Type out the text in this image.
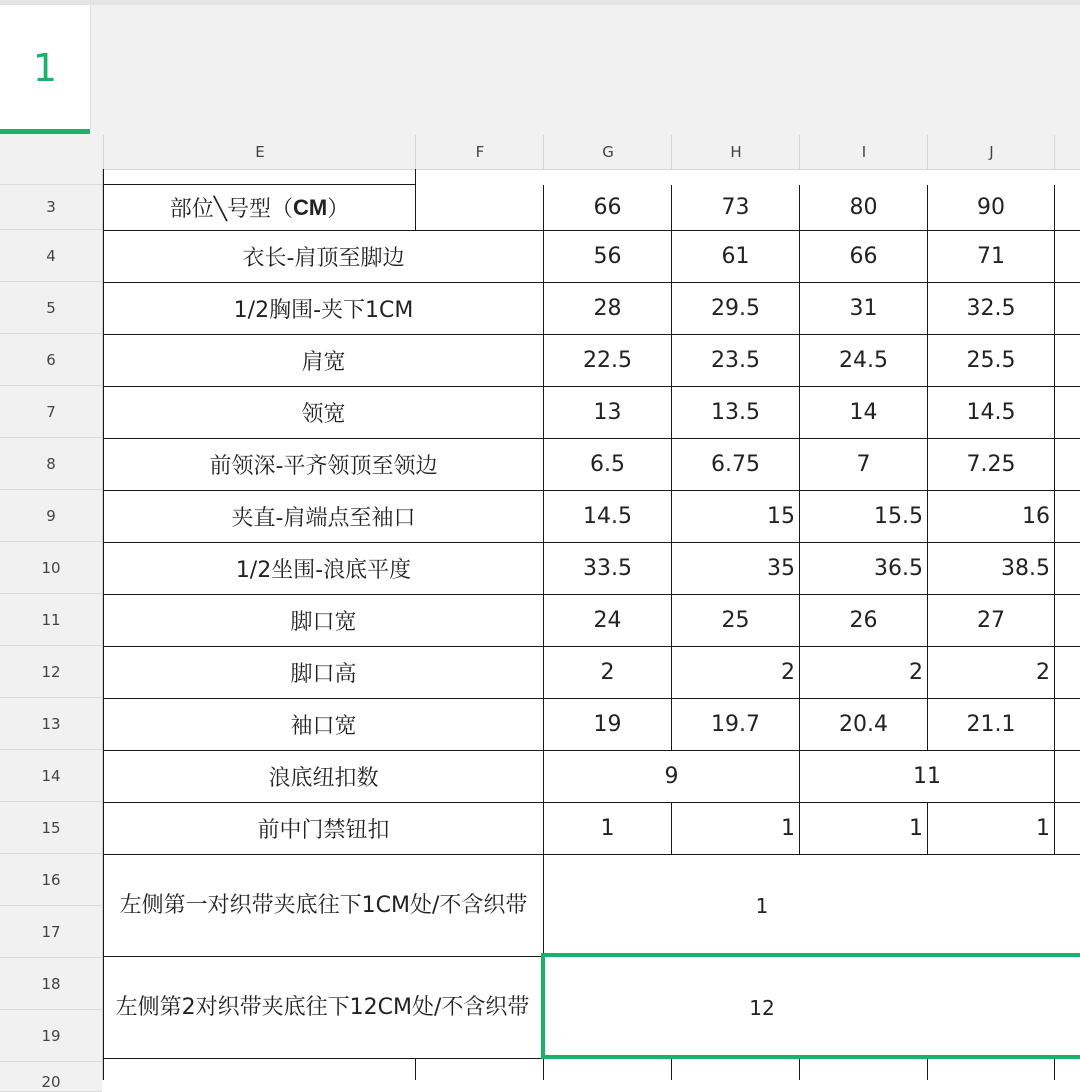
1
E	F	G	H	I	J
3
4
5
6
7
8
9
10
11
12
13
14
15
16
17
18
19
20
部位╲号型（ CM ）	66	73	80	90
衣长-肩顶至脚边	56	61	66	71
1/2胸围-夹下1CM	28	29.5	31	32.5
肩宽	22.5	23.5	24.5	25.5
领宽	13	13.5	14	14.5
前领深-平齐领顶至领边	6.5	6.75	7	7.25
夹直-肩端点至袖口	14.5	15	15.5	16
1/2坐围-浪底平度	33.5	35	36.5	38.5
脚口宽	24	25	26	27
脚口高	2	2	2	2
袖口宽	19	19.7	20.4	21.1
浪底纽扣数	9	11
前中门禁钮扣	1	1	1	1
左侧第一对织带夹底往下1CM处/不含织带	1
左侧第2对织带夹底往下12CM处/不含织带	12
